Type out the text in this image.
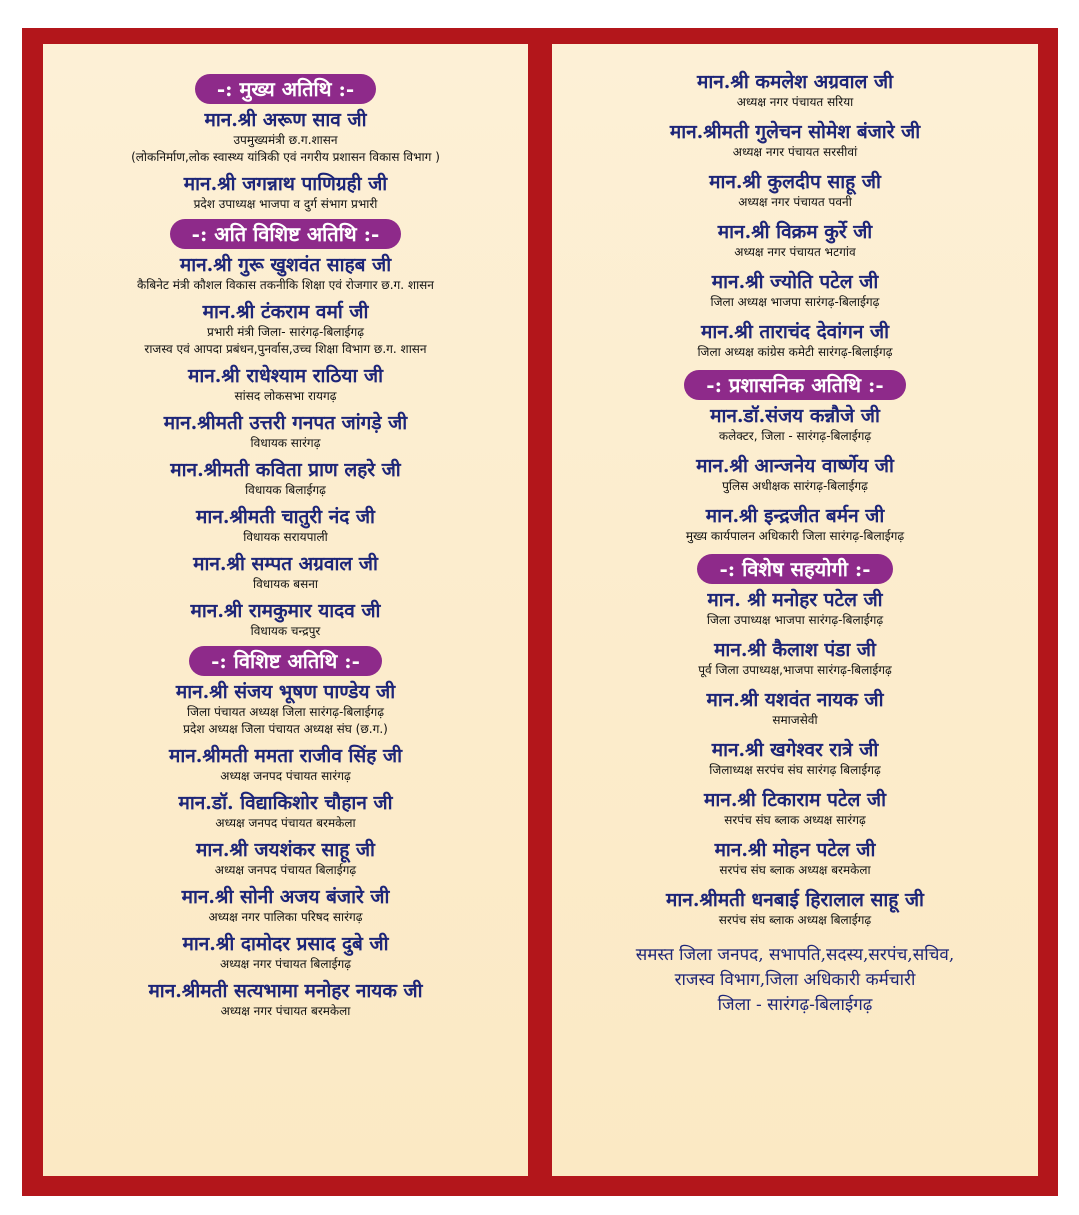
-: मुख्य अतिथि :-
मान.श्री अरूण साव जी
उपमुख्यमंत्री छ.ग.शासन
(लोकनिर्माण,लोक स्वास्थ्य यांत्रिकी एवं नगरीय प्रशासन विकास विभाग )
मान.श्री जगन्नाथ पाणिग्रही जी
प्रदेश उपाध्यक्ष भाजपा व दुर्ग संभाग प्रभारी
-: अति विशिष्ट अतिथि :-
मान.श्री गुरू खुशवंत साहब जी
कैबिनेट मंत्री कौशल विकास तकनीकि शिक्षा एवं रोजगार छ.ग. शासन
मान.श्री टंकराम वर्मा जी
प्रभारी मंत्री जिला- सारंगढ़-बिलाईगढ़
राजस्व एवं आपदा प्रबंधन,पुनर्वास,उच्च शिक्षा विभाग छ.ग. शासन
मान.श्री राधेश्याम राठिया जी
सांसद लोकसभा रायगढ़
मान.श्रीमती उत्तरी गनपत जांगड़े जी
विधायक सारंगढ़
मान.श्रीमती कविता प्राण लहरे जी
विधायक बिलाईगढ़
मान.श्रीमती चातुरी नंद जी
विधायक सरायपाली
मान.श्री सम्पत अग्रवाल जी
विधायक बसना
मान.श्री रामकुमार यादव जी
विधायक चन्द्रपुर
-: विशिष्ट अतिथि :-
मान.श्री संजय भूषण पाण्डेय जी
जिला पंचायत अध्यक्ष जिला सारंगढ़-बिलाईगढ़
प्रदेश अध्यक्ष जिला पंचायत अध्यक्ष संघ (छ.ग.)
मान.श्रीमती ममता राजीव सिंह जी
अध्यक्ष जनपद पंचायत सारंगढ़
मान.डॉ. विद्याकिशोर चौहान जी
अध्यक्ष जनपद पंचायत बरमकेला
मान.श्री जयशंकर साहू जी
अध्यक्ष जनपद पंचायत बिलाईगढ़
मान.श्री सोनी अजय बंजारे जी
अध्यक्ष नगर पालिका परिषद सारंगढ़
मान.श्री दामोदर प्रसाद दुबे जी
अध्यक्ष नगर पंचायत बिलाईगढ़
मान.श्रीमती सत्यभामा मनोहर नायक जी
अध्यक्ष नगर पंचायत बरमकेला
मान.श्री कमलेश अग्रवाल जी
अध्यक्ष नगर पंचायत सरिया
मान.श्रीमती गुलेचन सोमेश बंजारे जी
अध्यक्ष नगर पंचायत सरसीवां
मान.श्री कुलदीप साहू जी
अध्यक्ष नगर पंचायत पवनी
मान.श्री विक्रम कुर्रे जी
अध्यक्ष नगर पंचायत भटगांव
मान.श्री ज्योति पटेल जी
जिला अध्यक्ष भाजपा सारंगढ़-बिलाईगढ़
मान.श्री ताराचंद देवांगन जी
जिला अध्यक्ष कांग्रेस कमेटी सारंगढ़-बिलाईगढ़
-: प्रशासनिक अतिथि :-
मान.डॉ.संजय कन्नौजे जी
कलेक्टर, जिला - सारंगढ़-बिलाईगढ़
मान.श्री आन्जनेय वार्ष्णेय जी
पुलिस अधीक्षक सारंगढ़-बिलाईगढ़
मान.श्री इन्द्रजीत बर्मन जी
मुख्य कार्यपालन अधिकारी जिला सारंगढ़-बिलाईगढ़
-: विशेष सहयोगी :-
मान. श्री मनोहर पटेल जी
जिला उपाध्यक्ष भाजपा सारंगढ़-बिलाईगढ़
मान.श्री कैलाश पंडा जी
पूर्व जिला उपाध्यक्ष,भाजपा सारंगढ़-बिलाईगढ़
मान.श्री यशवंत नायक जी
समाजसेवी
मान.श्री खगेश्वर रात्रे जी
जिलाध्यक्ष सरपंच संघ सारंगढ़ बिलाईगढ़
मान.श्री टिकाराम पटेल जी
सरपंच संघ ब्लाक अध्यक्ष सारंगढ़
मान.श्री मोहन पटेल जी
सरपंच संघ ब्लाक अध्यक्ष बरमकेला
मान.श्रीमती धनबाई हिरालाल साहू जी
सरपंच संघ ब्लाक अध्यक्ष बिलाईगढ़
समस्त जिला जनपद, सभापति,सदस्य,सरपंच,सचिव,
राजस्व विभाग,जिला अधिकारी कर्मचारी
जिला - सारंगढ़-बिलाईगढ़
